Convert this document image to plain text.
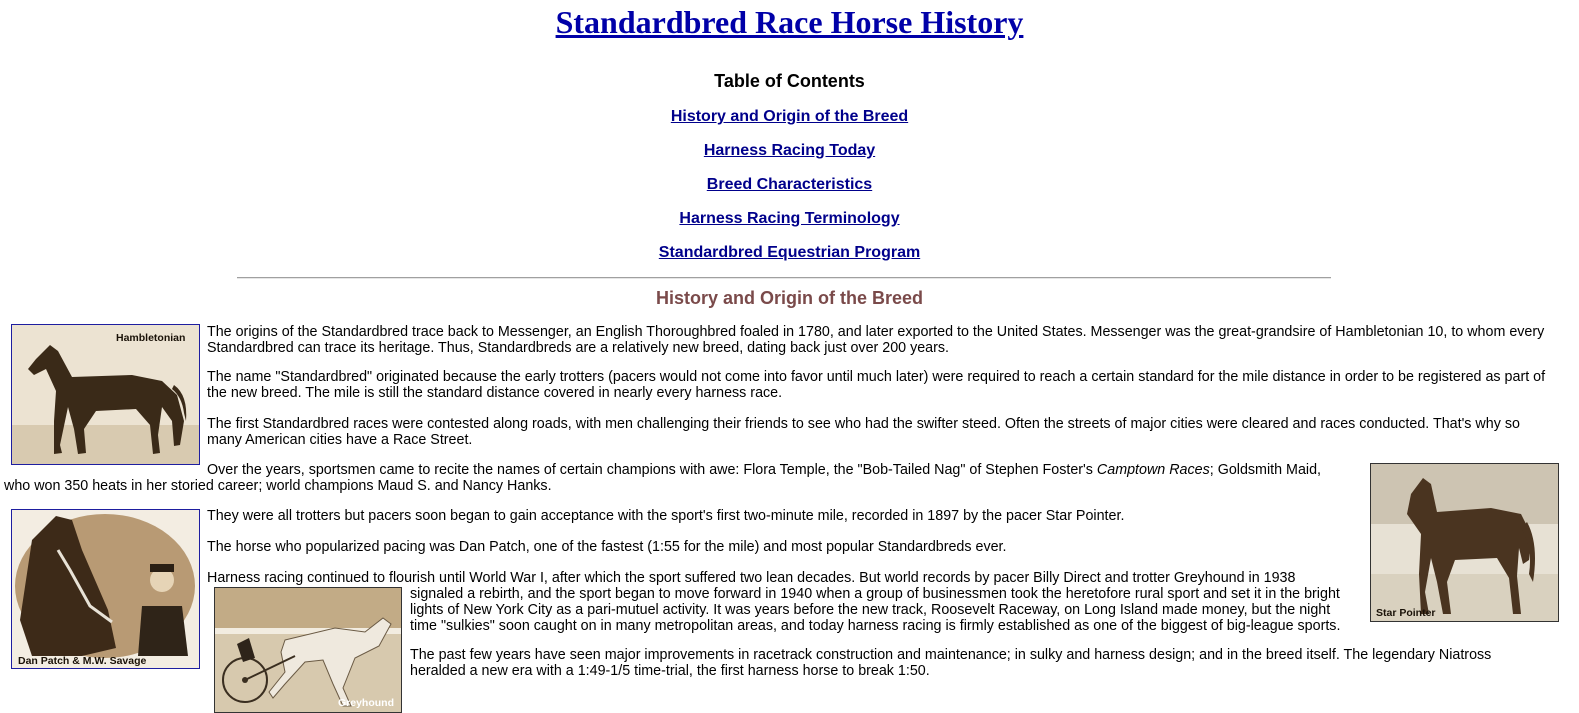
Standardbred Race Horse History
Table of Contents
History and Origin of the Breed
Harness Racing Today
Breed Characteristics
Harness Racing Terminology
Standardbred Equestrian Program
History and Origin of the Breed
Hambletonian The origins of the Standardbred trace back to Messenger, an English Thoroughbred foaled in 1780, and later exported to the United States. Messenger was the great-grandsire of Hambletonian 10, to whom every Standardbred can trace its heritage. Thus, Standardbreds are a relatively new breed, dating back just over 200 years.

The name "Standardbred" originated because the early trotters (pacers would not come into favor until much later) were required to reach a certain standard for the mile distance in order to be registered as part of the new breed. The mile is still the standard distance covered in nearly every harness race.

The first Standardbred races were contested along roads, with men challenging their friends to see who had the swifter steed. Often the streets of major cities were cleared and races conducted. That's why so many American cities have a Race Street.

Over the years, sportsmen came to recite the names of certain champions with awe: Flora Temple, the "Bob-Tailed Nag" of Stephen Foster's Camptown Races; Goldsmith Maid,

who won 350 heats in her storied career; world champions Maud S. and Nancy Hanks.

Dan Patch & M.W. Savage
Star Pointer

They were all trotters but pacers soon began to gain acceptance with the sport's first two-minute mile, recorded in 1897 by the pacer Star Pointer.

The horse who popularized pacing was Dan Patch, one of the fastest (1:55 for the mile) and most popular Standardbreds ever.

Harness racing continued to flourish until World War I, after which the sport suffered two lean decades. But world records by pacer Billy Direct and trotter Greyhound in 1938

Greyhound

signaled a rebirth, and the sport began to move forward in 1940 when a group of businessmen took the heretofore rural sport and set it in the bright lights of New York City as a pari-mutuel activity. It was years before the new track, Roosevelt Raceway, on Long Island made money, but the night time "sulkies" soon caught on in many metropolitan areas, and today harness racing is firmly established as one of the biggest of big-league sports.

The past few years have seen major improvements in racetrack construction and maintenance; in sulky and harness design; and in the breed itself. The legendary Niatross heralded a new era with a 1:49-1/5 time-trial, the first harness horse to break 1:50.
